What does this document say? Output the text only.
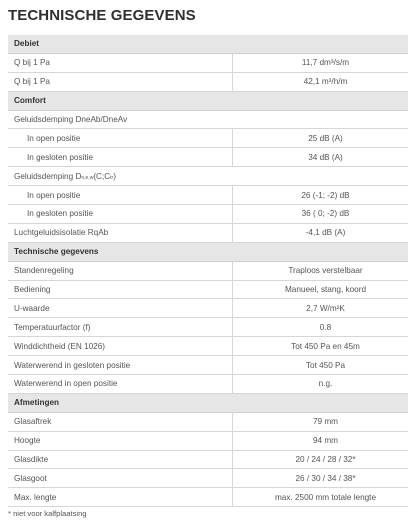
TECHNISCHE GEGEVENS
Debiet
Q bij 1 Pa	11,7 dm³/s/m
Q bij 1 Pa	42,1 m³/h/m
Comfort
Geluidsdemping DneAb/DneAv
In open positie	25 dB (A)
In gesloten positie	34 dB (A)
Geluidsdemping D n,e,w (C;C tr )
In open positie	26 (-1; -2) dB
In gesloten positie	36 ( 0; -2) dB
Luchtgeluidsisolatie RqAb	-4,1 dB (A)
Technische gegevens
Standenregeling	Traploos verstelbaar
Bediening	Manueel, stang, koord
U-waarde	2,7 W/m²K
Temperatuurfactor (f)	0.8
Winddichtheid (EN 1026)	Tot 450 Pa en 45m
Waterwerend in gesloten positie	Tot 450 Pa
Waterwerend in open positie	n.g.
Afmetingen
Glasaftrek	79 mm
Hoogte	94 mm
Glasdikte	20 / 24 / 28 / 32*
Glasgoot	26 / 30 / 34 / 38*
Max. lengte	max. 2500 mm totale lengte
* niet voor kalfplaatsing
